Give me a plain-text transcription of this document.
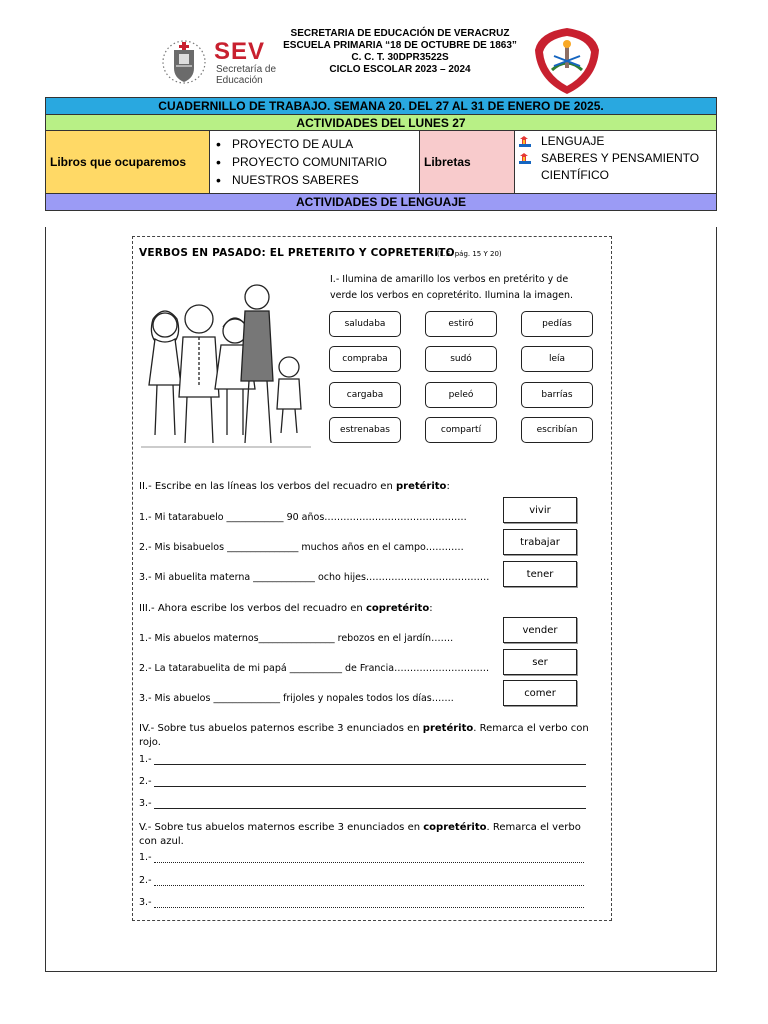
SEV
Secretaría de Educación
SECRETARIA DE EDUCACIÓN DE VERACRUZ
ESCUELA PRIMARIA “18 DE OCTUBRE DE 1863”
C. C. T. 30DPR3522S
CICLO ESCOLAR 2023 – 2024
CUADERNILLO DE TRABAJO. SEMANA 20. DEL 27 AL 31 DE ENERO DE 2025.
ACTIVIDADES DEL LUNES 27
Libros que ocuparemos	
• PROYECTO DE AULA
• PROYECTO COMUNITARIO
• NUESTROS SABERES
	Libretas	
LENGUAJE
SABERES Y PENSAMIENTO CIENTÍFICO

ACTIVIDADES DE LENGUAJE
VERBOS EN PASADO: EL PRETERITO Y COPRETERITO
(L.E. pág. 15 Y 20)
I.- Ilumina de amarillo los verbos en pretérito y de verde los verbos en copretérito. Ilumina la imagen.
saludaba	estiró	pedías
compraba	sudó	leía
cargaba	peleó	barrías
estrenabas	compartí	escribían
II.- Escribe en las líneas los verbos del recuadro en pretérito:
1.- Mi tatarabuelo ____________ 90 años………………………………………
2.- Mis bisabuelos _______________ muchos años en el campo…………
3.- Mi abuelita materna _____________ ocho hijes…………………………………
vivir
trabajar
tener
III.- Ahora escribe los verbos del recuadro en copretérito:
1.- Mis abuelos maternos________________ rebozos en el jardín…….
2.- La tatarabuelita de mi papá ___________ de Francia…………………………
3.- Mis abuelos ______________ frijoles y nopales todos los días…….
vender
ser
comer
IV.- Sobre tus abuelos paternos escribe 3 enunciados en pretérito. Remarca el verbo con rojo.
1.-
2.-
3.-
V.- Sobre tus abuelos maternos escribe 3 enunciados en copretérito. Remarca el verbo con azul.
1.-
2.-
3.-
